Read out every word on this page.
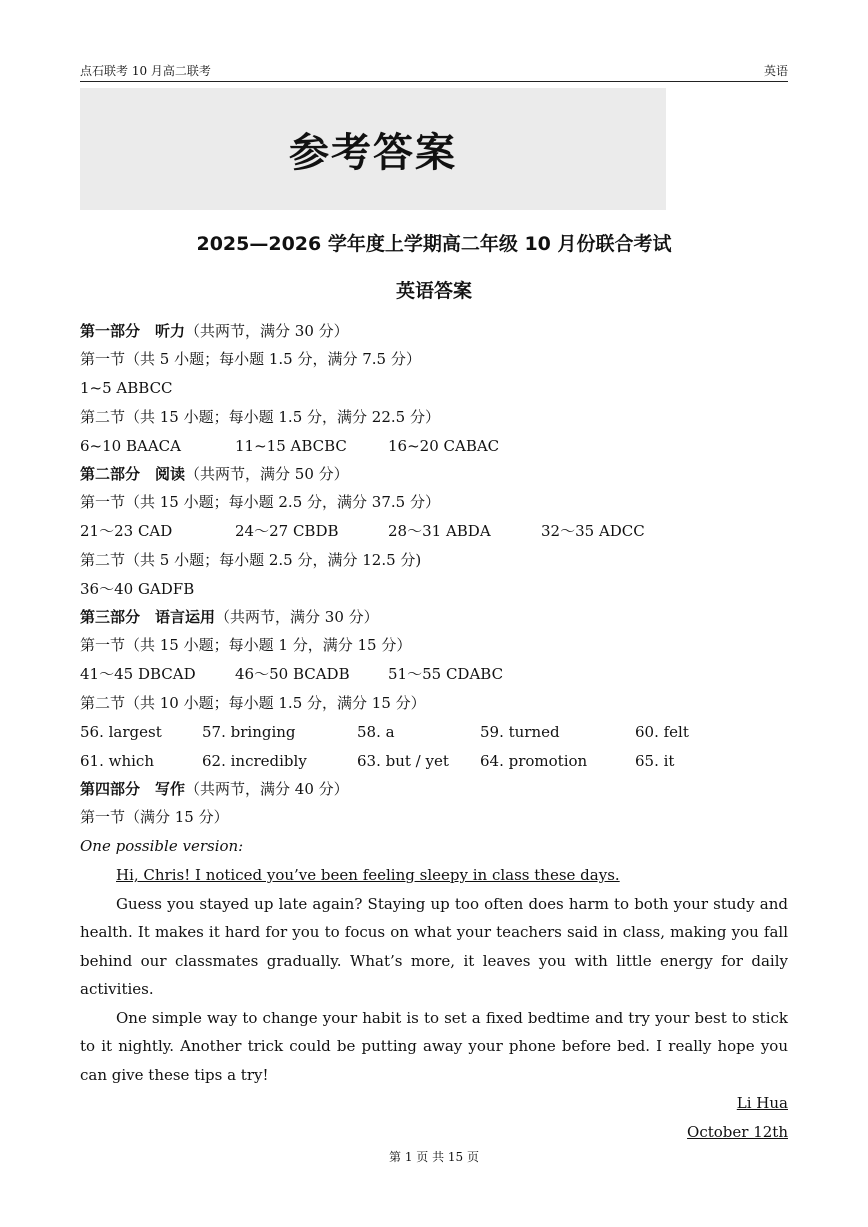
点石联考 10 月高二联考	英语
参考答案
2025—2026 学年度上学期高二年级 10 月份联合考试
英语答案
第一部分　听力（共两节，满分 30 分）
第一节（共 5 小题；每小题 1.5 分，满分 7.5 分）
1~5 ABBCC
第二节（共 15 小题；每小题 1.5 分，满分 22.5 分）
6~10 BAACA	11~15 ABCBC	16~20 CABAC
第二部分　阅读（共两节，满分 50 分）
第一节（共 15 小题；每小题 2.5 分，满分 37.5 分）
21～23 CAD	24～27 CBDB	28～31 ABDA	32～35 ADCC
第二节（共 5 小题；每小题 2.5 分，满分 12.5 分)
36～40 GADFB
第三部分　语言运用（共两节，满分 30 分）
第一节（共 15 小题；每小题 1 分，满分 15 分）
41～45 DBCAD	46～50 BCADB	51～55 CDABC
第二节（共 10 小题；每小题 1.5 分，满分 15 分）
56. largest	57. bringing	58. a	59. turned	60. felt
61. which	62. incredibly	63. but / yet	64. promotion	65. it
第四部分　写作（共两节，满分 40 分）
第一节（满分 15 分）
One possible version:

Hi, Chris! I noticed you’ve been feeling sleepy in class these days.

Guess you stayed up late again? Staying up too often does harm to both your study and health. It makes it hard for you to focus on what your teachers said in class, making you fall behind our classmates gradually. What’s more, it leaves you with little energy for daily activities.

One simple way to change your habit is to set a fixed bedtime and try your best to stick to it nightly. Another trick could be putting away your phone before bed. I really hope you can give these tips a try!

Li Hua
October 12th
第 1 页 共 15 页
